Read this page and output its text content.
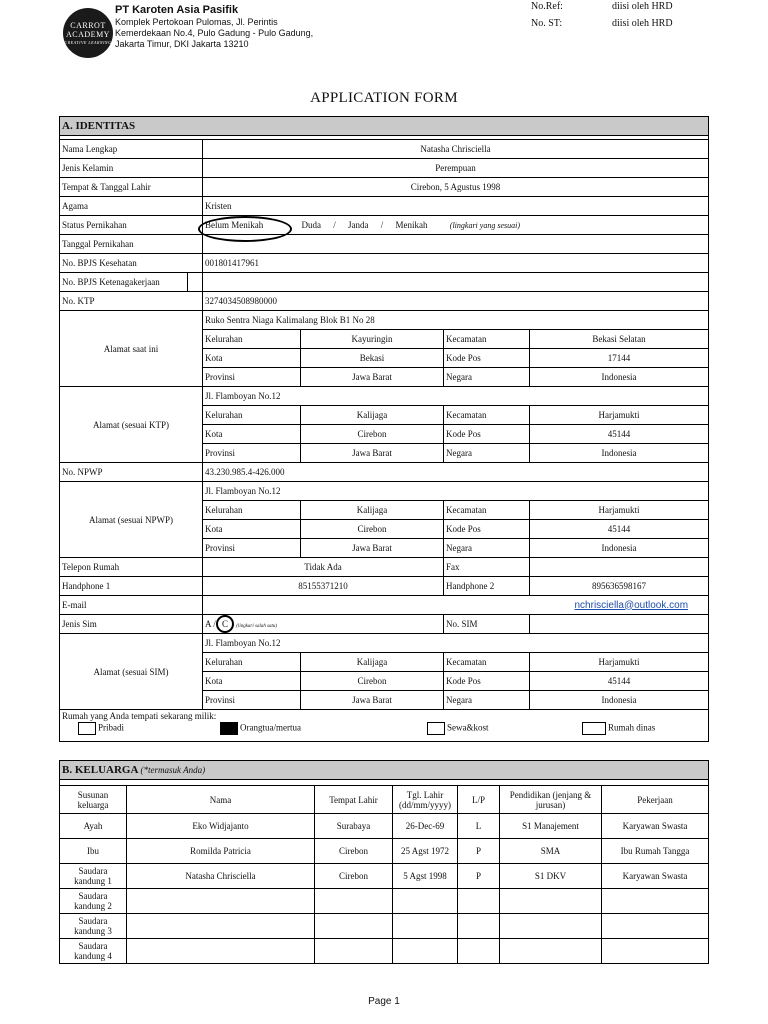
CARROT
ACADEMY
CREATIVE LEARNING
PT Karoten Asia Pasifik
Komplek Pertokoan Pulomas, Jl. Perintis
Kemerdekaan No.4, Pulo Gadung - Pulo Gadung,
Jakarta Timur, DKI Jakarta 13210
No.Ref:	diisi oleh HRD
No. ST:	diisi oleh HRD
APPLICATION FORM
A. IDENTITAS				

Nama Lengkap	Natasha Chrisciella			
Jenis Kelamin	Perempuan			
Tempat & Tanggal Lahir	Cirebon, 5 Agustus 1998			
Agama	Kristen			
Status Pernikahan	Belum Menikah Duda / Janda / Menikah (lingkari yang sesuai)			
Tanggal Pernikahan				
No. BPJS Kesehatan	001801417961			

No. BPJS Ketenagakerjaan				

No. KTP	3274034508980000			
Alamat saat ini	Ruko Sentra Niaga Kalimalang Blok B1 No 28			
	Kelurahan	Kayuringin	Kecamatan	Bekasi Selatan
	Kota	Bekasi	Kode Pos	17144
	Provinsi	Jawa Barat	Negara	Indonesia
Alamat (sesuai KTP)	Jl. Flamboyan No.12			
	Kelurahan	Kalijaga	Kecamatan	Harjamukti
	Kota	Cirebon	Kode Pos	45144
	Provinsi	Jawa Barat	Negara	Indonesia
No. NPWP	43.230.985.4-426.000			
Alamat (sesuai NPWP)	Jl. Flamboyan No.12			
	Kelurahan	Kalijaga	Kecamatan	Harjamukti
	Kota	Cirebon	Kode Pos	45144
	Provinsi	Jawa Barat	Negara	Indonesia
Telepon Rumah	Tidak Ada		Fax	
Handphone 1	85155371210		Handphone 2	895636598167
E-mail	nchrisciella@outlook.com			
Jenis Sim	A / C (lingkari salah satu)		No. SIM	
Alamat (sesuai SIM)	Jl. Flamboyan No.12			
	Kelurahan	Kalijaga	Kecamatan	Harjamukti
	Kota	Cirebon	Kode Pos	45144
	Provinsi	Jawa Barat	Negara	Indonesia

Rumah yang Anda tempati sekarang milik:
Pribadi Orangtua/mertua Sewa&kost Rumah dinas				
B. KELUARGA (*termasuk Anda)

Susunan keluarga	Nama	Tempat Lahir	Tgl. Lahir (dd/mm/yyyy)	L/P	Pendidikan (jenjang & jurusan)	Pekerjaan
Ayah	Eko Widjajanto	Surabaya	26-Dec-69	L	S1 Manajement	Karyawan Swasta
Ibu	Romilda Patricia	Cirebon	25 Agst 1972	P	SMA	Ibu Rumah Tangga
Saudara kandung 1	Natasha Chrisciella	Cirebon	5 Agst 1998	P	S1 DKV	Karyawan Swasta
Saudara kandung 2						
Saudara kandung 3						
Saudara kandung 4						
Page 1
